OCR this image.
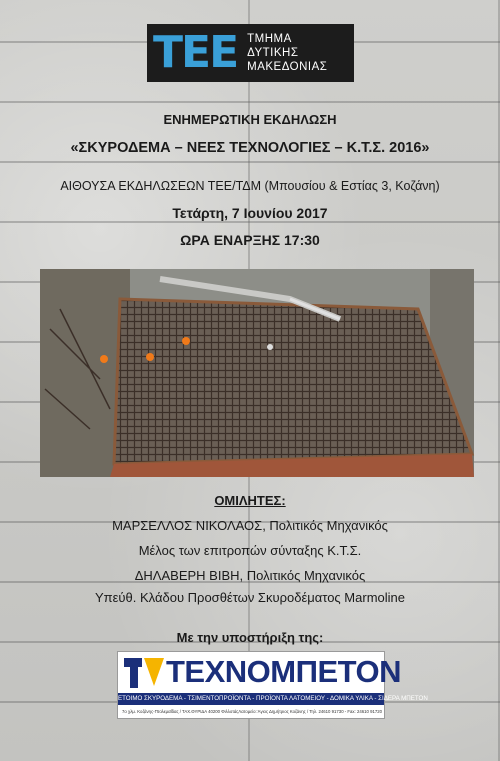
ΤΕΕ ΤΜΗΜΑ
ΔΥΤΙΚΗΣ
ΜΑΚΕΔΟΝΙΑΣ
ΕΝΗΜΕΡΩΤΙΚΗ ΕΚΔΗΛΩΣΗ
«ΣΚΥΡΟΔΕΜΑ – ΝΕΕΣ ΤΕΧΝΟΛΟΓΙΕΣ – Κ.Τ.Σ. 2016»
ΑΙΘΟΥΣΑ ΕΚΔΗΛΩΣΕΩΝ ΤΕΕ/ΤΔΜ (Μπουσίου & Εστίας 3, Κοζάνη)
Τετάρτη, 7 Ιουνίου 2017
ΩΡΑ ΕΝΑΡΞΗΣ 17:30
ΟΜΙΛΗΤΕΣ:
ΜΑΡΣΕΛΛΟΣ ΝΙΚΟΛΑΟΣ, Πολιτικός Μηχανικός
Μέλος των επιτροπών σύνταξης Κ.Τ.Σ.
ΔΗΛΑΒΕΡΗ ΒΙΒΗ, Πολιτικός Μηχανικός
Υπεύθ. Κλάδου Προσθέτων Σκυροδέματος Marmoline
Με την υποστήριξη της:
ΤΕΧΝΟΜΠΕΤΟΝ
ΕΤΟΙΜΟ ΣΚΥΡΟΔΕΜΑ - ΤΣΙΜΕΝΤΟΠΡΟΪΟΝΤΑ - ΠΡΟΪΟΝΤΑ ΛΑΤΟΜΕΙΟΥ - ΔΟΜΙΚΑ ΥΛΙΚΑ - ΣΙΔΕΡΑ ΜΠΕΤΟΝ
7ο χλμ. Κοζάνης-Πτολεμαΐδας / ΤΑΧ.ΘΥΡΙΔΑ 40200 Φιλλοτάς Λατομείο: Άγιος Δημήτριος Κοζάνης / Τηλ. 24610 91730 - Fax: 24610 91720
